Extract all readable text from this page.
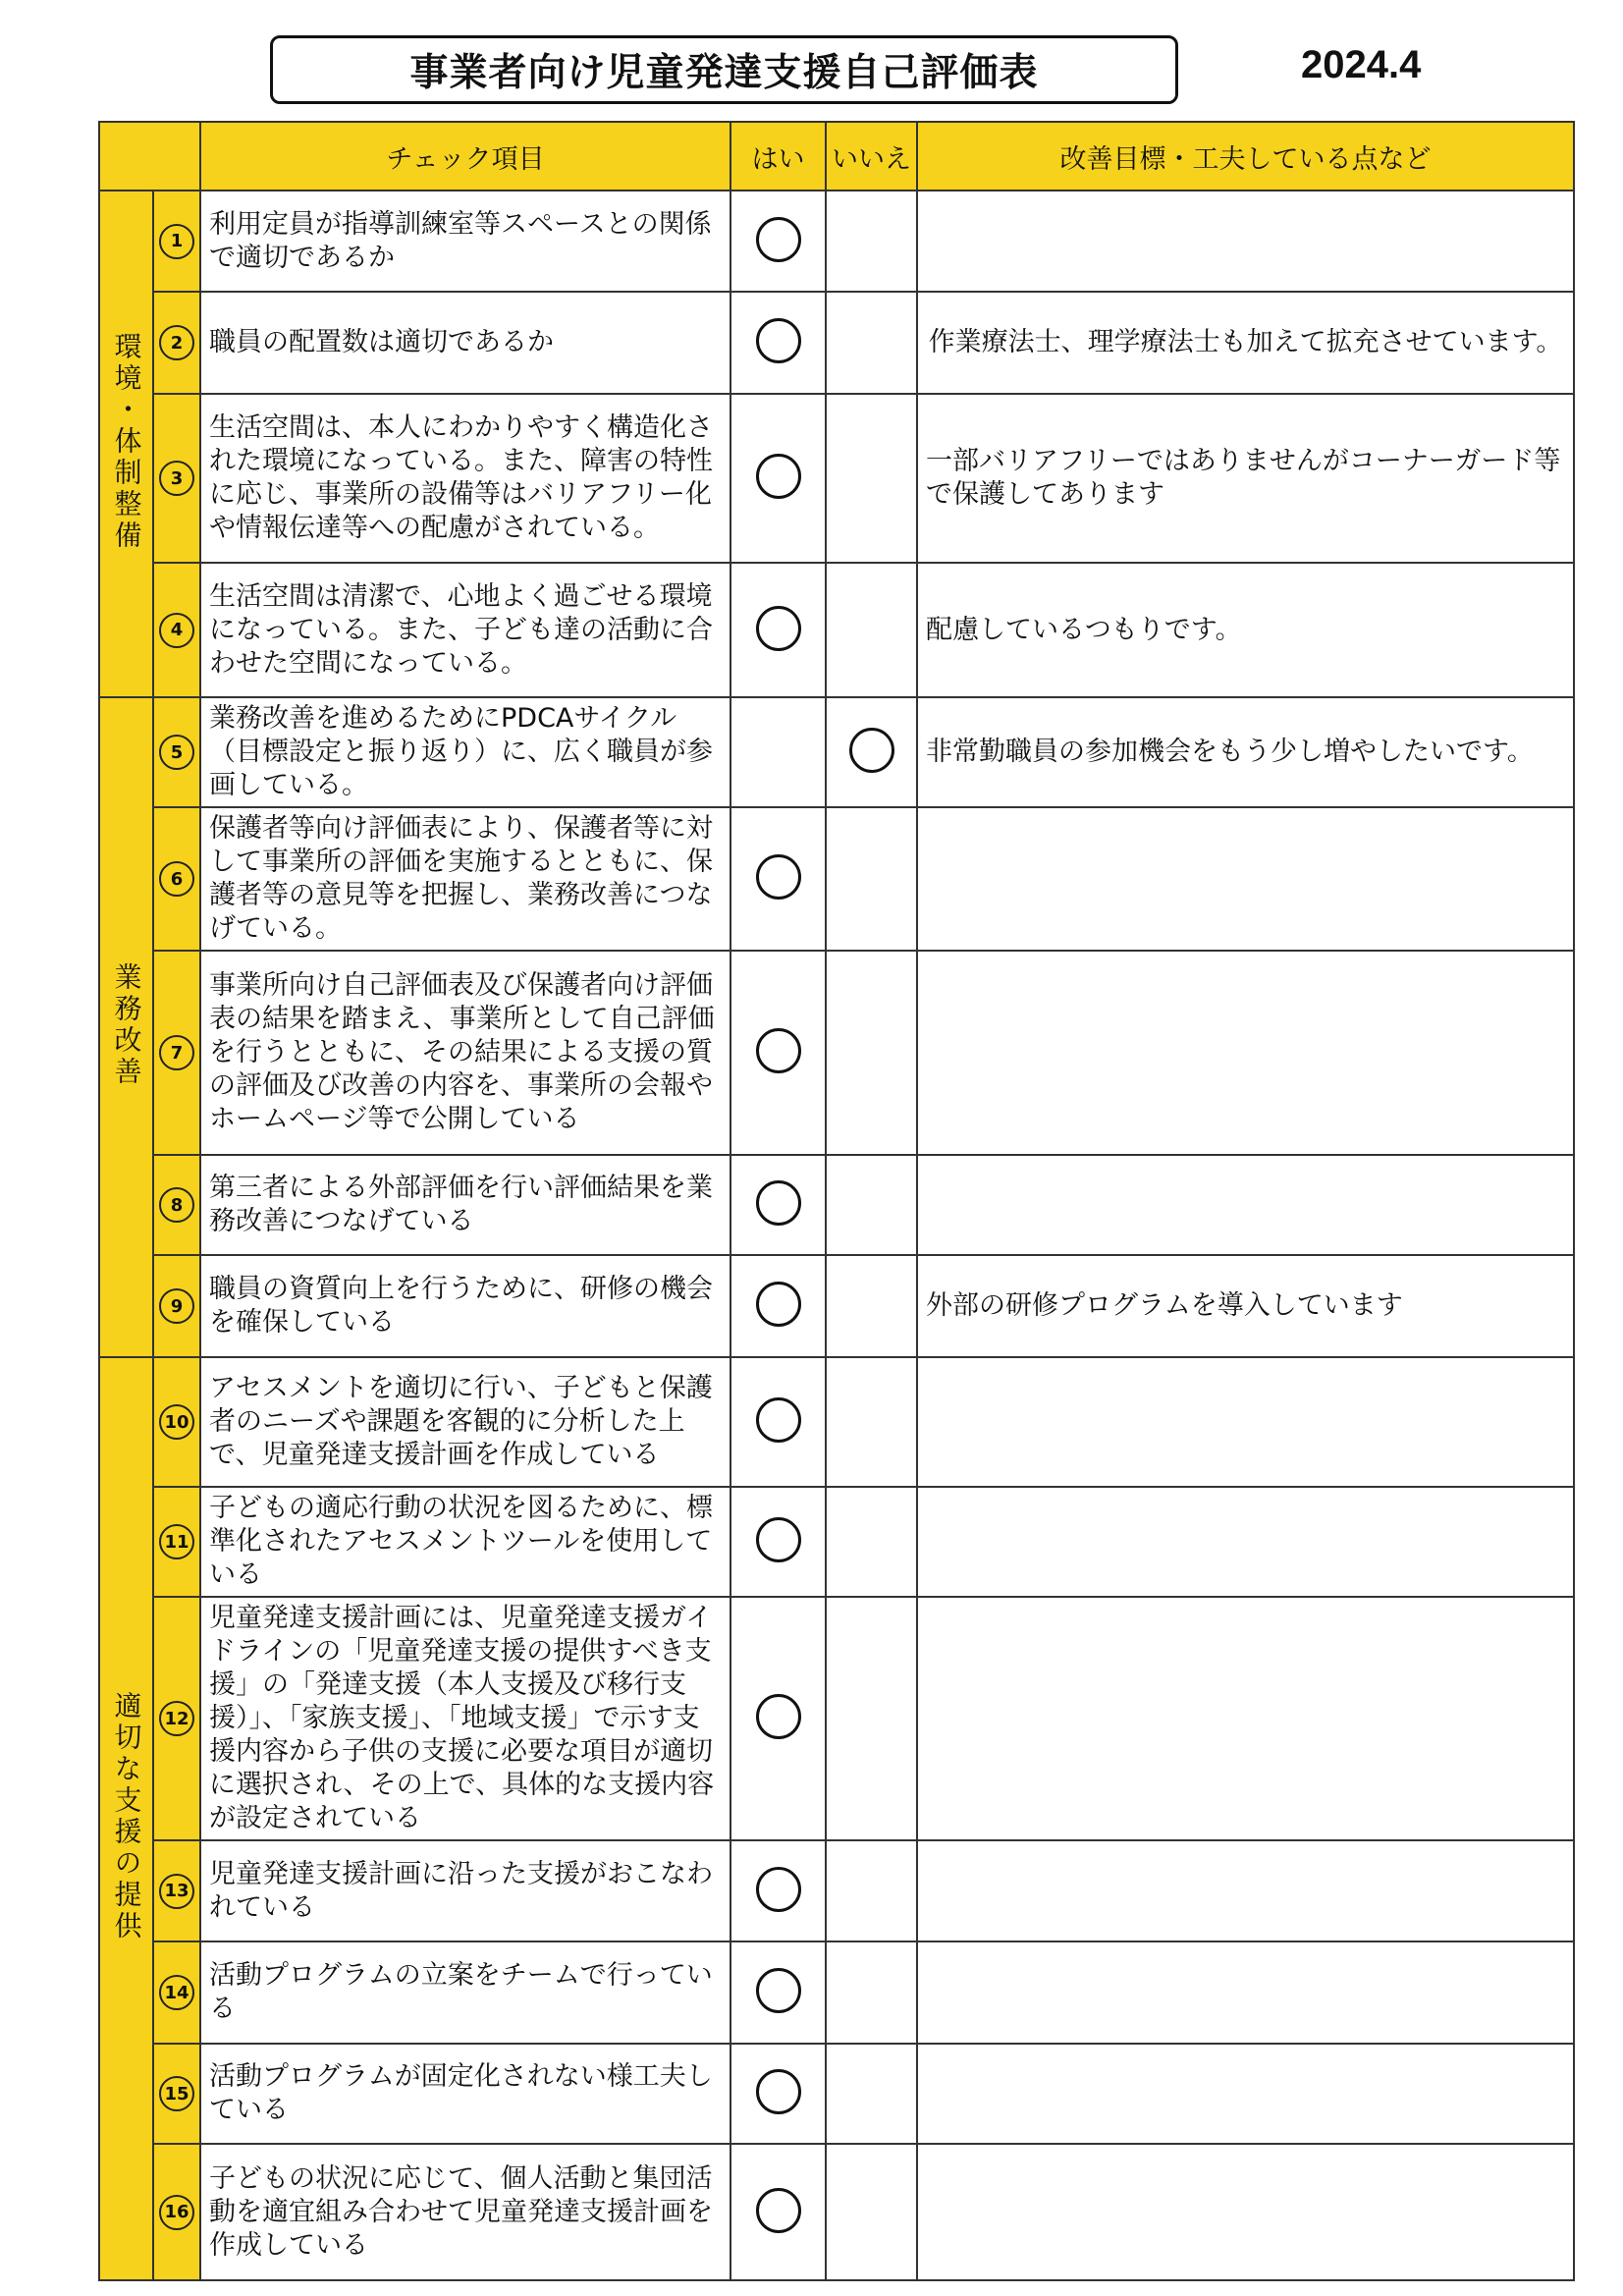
事業者向け児童発達支援自己評価表	2024.4
		チェック項目	はい	いいえ	改善目標・工夫している点など
環境・体制整備	1	利用定員が指導訓練室等スペースとの関係で適切であるか			
	2	職員の配置数は適切であるか			作業療法士、理学療法士も加えて拡充させています。
	3	生活空間は、本人にわかりやすく構造化された環境になっている。また、障害の特性に応じ、事業所の設備等はバリアフリー化や情報伝達等への配慮がされている。			一部バリアフリーではありませんがコーナーガード等で保護してあります
	4	生活空間は清潔で、心地よく過ごせる環境になっている。また、子ども達の活動に合わせた空間になっている。			配慮しているつもりです。
業務改善	5	業務改善を進めるためにPDCAサイクル（目標設定と振り返り）に、広く職員が参画している。			非常勤職員の参加機会をもう少し増やしたいです。
	6	保護者等向け評価表により、保護者等に対して事業所の評価を実施するとともに、保護者等の意見等を把握し、業務改善につなげている。			
	7	事業所向け自己評価表及び保護者向け評価表の結果を踏まえ、事業所として自己評価を行うとともに、その結果による支援の質の評価及び改善の内容を、事業所の会報やホームページ等で公開している			
	8	第三者による外部評価を行い評価結果を業務改善につなげている			
	9	職員の資質向上を行うために、研修の機会を確保している			外部の研修プログラムを導入しています
適切な支援の提供	10	アセスメントを適切に行い、子どもと保護者のニーズや課題を客観的に分析した上で、児童発達支援計画を作成している			
	11	子どもの適応行動の状況を図るために、標準化されたアセスメントツールを使用している			
	12	児童発達支援計画には、児童発達支援ガイドラインの「児童発達支援の提供すべき支援」の「発達支援（本人支援及び移行支援）」、「家族支援」、「地域支援」で示す支援内容から子供の支援に必要な項目が適切に選択され、その上で、具体的な支援内容が設定されている			
	13	児童発達支援計画に沿った支援がおこなわれている			
	14	活動プログラムの立案をチームで行っている			
	15	活動プログラムが固定化されない様工夫している			
	16	子どもの状況に応じて、個人活動と集団活動を適宜組み合わせて児童発達支援計画を作成している			
